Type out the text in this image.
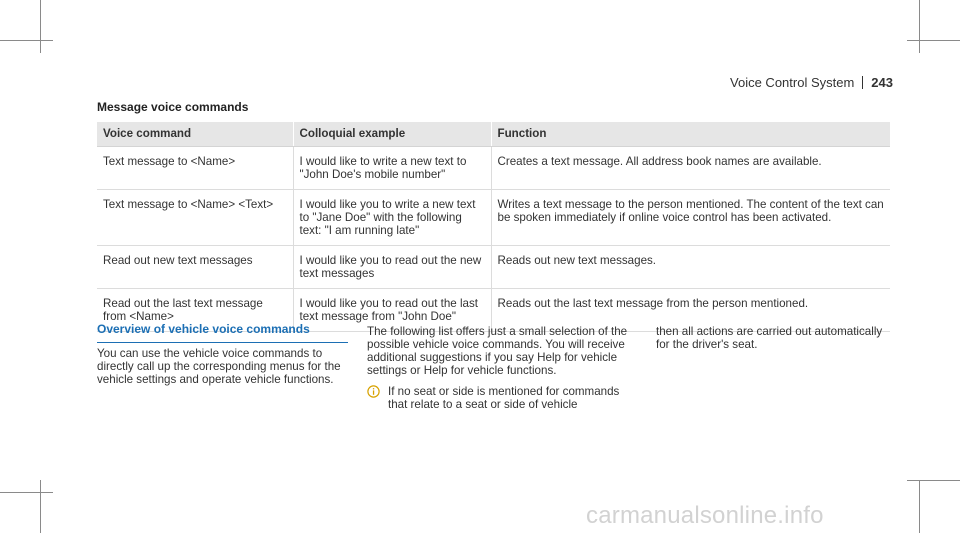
Voice Control System 243
Message voice commands
Voice command	Colloquial example	Function
Text message to <Name>	I would like to write a new text to "John Doe's mobile number"	Creates a text message. All address book names are available.
Text message to <Name> <Text>	I would like you to write a new text to "Jane Doe" with the following text: "I am running late"	Writes a text message to the person mentioned. The content of the text can be spoken immediately if online voice control has been activated.
Read out new text messages	I would like you to read out the new text messages	Reads out new text messages.
Read out the last text message from <Name>	I would like you to read out the last text message from "John Doe"	Reads out the last text message from the person mentioned.
Overview of vehicle voice commands
You can use the vehicle voice commands to directly call up the corresponding menus for the vehicle settings and operate vehicle functions.
The following list offers just a small selection of the possible vehicle voice commands. You will receive additional suggestions if you say Help for vehicle settings or Help for vehicle functions.
If no seat or side is mentioned for commands that relate to a seat or side of vehicle
then all actions are carried out automatically for the driver's seat.
carmanualsonline.info
